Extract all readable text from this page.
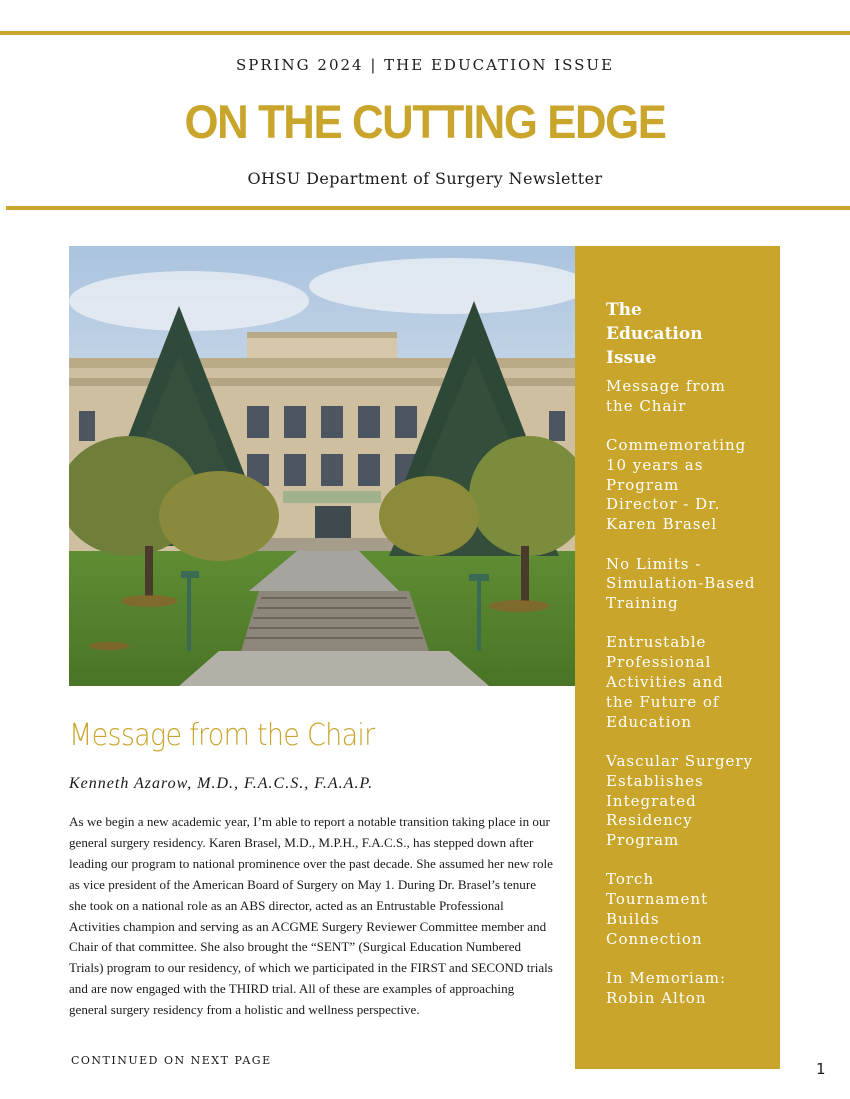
SPRING 2024 | THE EDUCATION ISSUE
ON THE CUTTING EDGE
OHSU Department of Surgery Newsletter
The Education Issue
Message from the Chair
Commemorating 10 years as Program Director - Dr. Karen Brasel
No Limits - Simulation-Based Training
Entrustable Professional Activities and the Future of Education
Vascular Surgery Establishes Integrated Residency Program
Torch Tournament Builds Connection
In Memoriam: Robin Alton
Message from the Chair
Kenneth Azarow, M.D., F.A.C.S., F.A.A.P.

As we begin a new academic year, I’m able to report a notable transition taking place in our general surgery residency. Karen Brasel, M.D., M.P.H., F.A.C.S., has stepped down after leading our program to national prominence over the past decade. She assumed her new role as vice president of the American Board of Surgery on May 1. During Dr. Brasel’s tenure she took on a national role as an ABS director, acted as an Entrustable Professional Activities champion and serving as an ACGME Surgery Reviewer Committee member and Chair of that committee. She also brought the “SENT” (Surgical Education Numbered Trials) program to our residency, of which we participated in the FIRST and SECOND trials and are now engaged with the THIRD trial. All of these are examples of approaching general surgery residency from a holistic and wellness perspective.

CONTINUED ON NEXT PAGE	1
